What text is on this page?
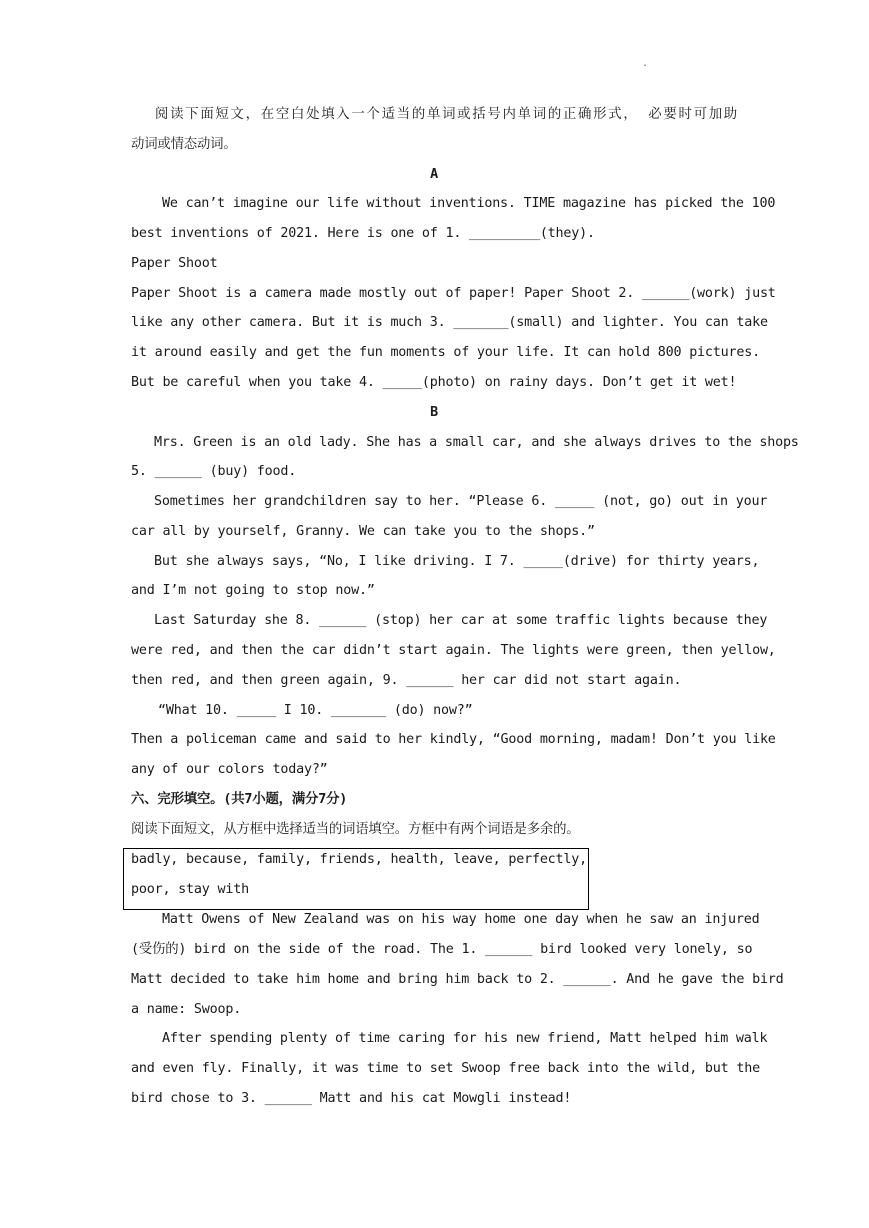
.
阅读下面短文，在空白处填入一个适当的单词或括号内单词的正确形式， 必要时可加助
动词或情态动词。
A
We can’t imagine our life without inventions. TIME magazine has picked the 100
best inventions of 2021. Here is one of 1. _________(they).
Paper Shoot
Paper Shoot is a camera made mostly out of paper! Paper Shoot 2. ______(work) just
like any other camera. But it is much 3. _______(small) and lighter. You can take
it around easily and get the fun moments of your life. It can hold 800 pictures.
But be careful when you take 4. _____(photo) on rainy days. Don’t get it wet!
B
Mrs. Green is an old lady. She has a small car, and she always drives to the shops
5. ______ (buy) food.
Sometimes her grandchildren say to her. “Please 6. _____ (not, go) out in your
car all by yourself, Granny. We can take you to the shops.”
But she always says, “No, I like driving. I 7. _____(drive) for thirty years,
and I’m not going to stop now.”
Last Saturday she 8. ______ (stop) her car at some traffic lights because they
were red, and then the car didn’t start again. The lights were green, then yellow,
then red, and then green again, 9. ______ her car did not start again.
“What 10. _____ I 10. _______ (do) now?”
Then a policeman came and said to her kindly, “Good morning, madam! Don’t you like
any of our colors today?”
六、完形填空。(共7小题，满分7分)
阅读下面短文，从方框中选择适当的词语填空。方框中有两个词语是多余的。
badly, because, family, friends, health, leave, perfectly,
poor, stay with
Matt Owens of New Zealand was on his way home one day when he saw an injured
(受伤的) bird on the side of the road. The 1. ______ bird looked very lonely, so
Matt decided to take him home and bring him back to 2. ______. And he gave the bird
a name: Swoop.
After spending plenty of time caring for his new friend, Matt helped him walk
and even fly. Finally, it was time to set Swoop free back into the wild, but the
bird chose to 3. ______ Matt and his cat Mowgli instead!
